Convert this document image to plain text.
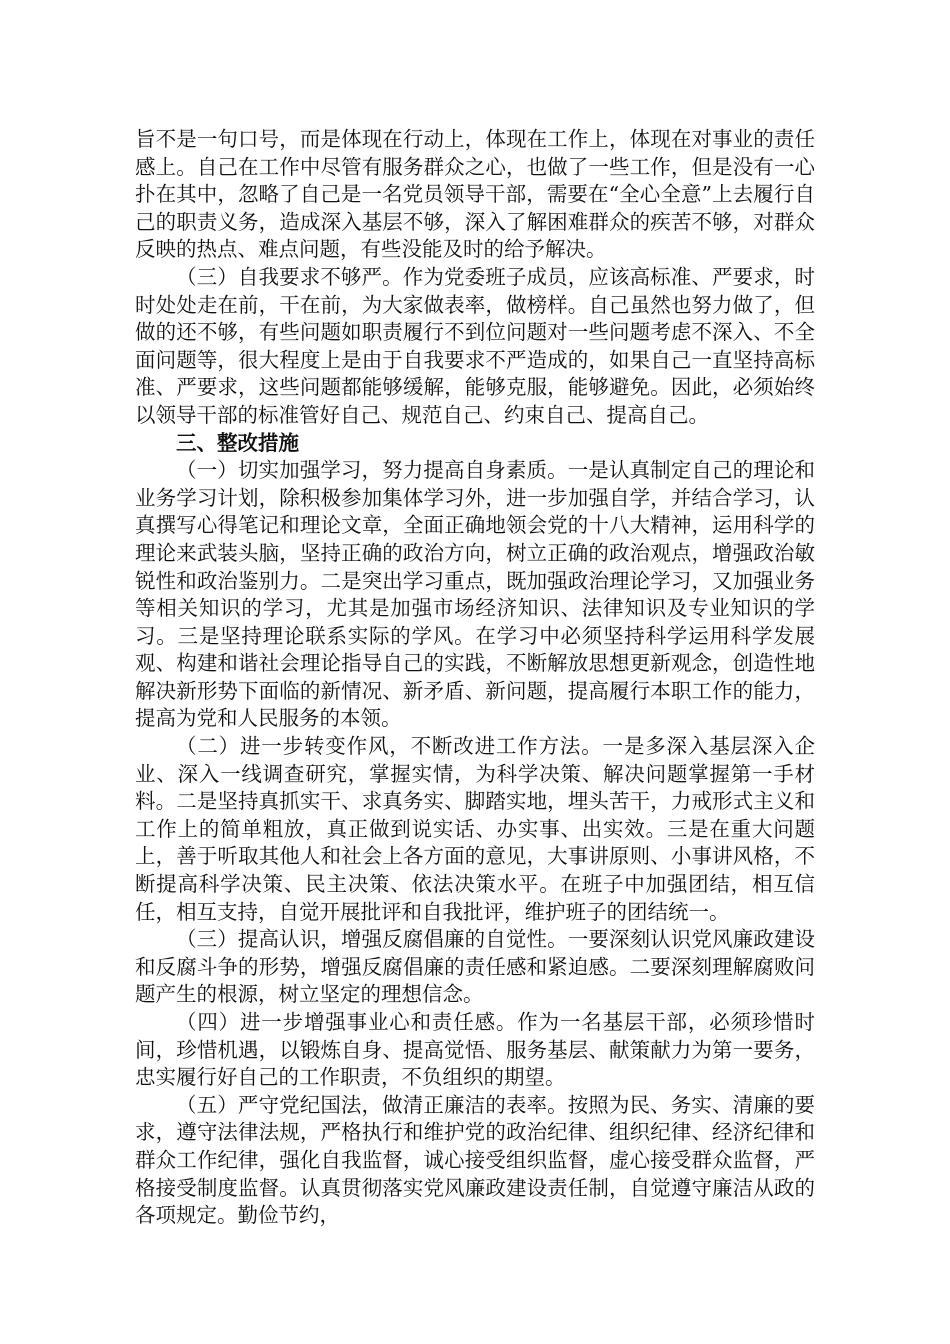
旨不是一句口号，而是体现在行动上，体现在工作上，体现在对事业的责任感上。自己在工作中尽管有服务群众之心，也做了一些工作，但是没有一心扑在其中，忽略了自己是一名党员领导干部，需要在“全心全意”上去履行自己的职责义务，造成深入基层不够，深入了解困难群众的疾苦不够，对群众反映的热点、难点问题，有些没能及时的给予解决。

（三）自我要求不够严。作为党委班子成员，应该高标准、严要求，时时处处走在前，干在前，为大家做表率，做榜样。自己虽然也努力做了，但做的还不够，有些问题如职责履行不到位问题对一些问题考虑不深入、不全面问题等，很大程度上是由于自我要求不严造成的，如果自己一直坚持高标准、严要求，这些问题都能够缓解，能够克服，能够避免。因此，必须始终以领导干部的标准管好自己、规范自己、约束自己、提高自己。

三、整改措施

（一）切实加强学习，努力提高自身素质。一是认真制定自己的理论和业务学习计划，除积极参加集体学习外，进一步加强自学，并结合学习，认真撰写心得笔记和理论文章，全面正确地领会党的十八大精神，运用科学的理论来武装头脑，坚持正确的政治方向，树立正确的政治观点，增强政治敏锐性和政治鉴别力。二是突出学习重点，既加强政治理论学习，又加强业务等相关知识的学习，尤其是加强市场经济知识、法律知识及专业知识的学习。三是坚持理论联系实际的学风。在学习中必须坚持科学运用科学发展观、构建和谐社会理论指导自己的实践，不断解放思想更新观念，创造性地解决新形势下面临的新情况、新矛盾、新问题，提高履行本职工作的能力，提高为党和人民服务的本领。

（二）进一步转变作风，不断改进工作方法。一是多深入基层深入企业、深入一线调查研究，掌握实情，为科学决策、解决问题掌握第一手材料。二是坚持真抓实干、求真务实、脚踏实地，埋头苦干，力戒形式主义和工作上的简单粗放，真正做到说实话、办实事、出实效。三是在重大问题上，善于听取其他人和社会上各方面的意见，大事讲原则、小事讲风格，不断提高科学决策、民主决策、依法决策水平。在班子中加强团结，相互信任，相互支持，自觉开展批评和自我批评，维护班子的团结统一。

（三）提高认识，增强反腐倡廉的自觉性。一要深刻认识党风廉政建设和反腐斗争的形势，增强反腐倡廉的责任感和紧迫感。二要深刻理解腐败问题产生的根源，树立坚定的理想信念。

（四）进一步增强事业心和责任感。作为一名基层干部，必须珍惜时间，珍惜机遇，以锻炼自身、提高觉悟、服务基层、献策献力为第一要务，忠实履行好自己的工作职责，不负组织的期望。

（五）严守党纪国法，做清正廉洁的表率。按照为民、务实、清廉的要求，遵守法律法规，严格执行和维护党的政治纪律、组织纪律、经济纪律和群众工作纪律，强化自我监督，诚心接受组织监督，虚心接受群众监督，严格接受制度监督。认真贯彻落实党风廉政建设责任制，自觉遵守廉洁从政的各项规定。勤俭节约，
